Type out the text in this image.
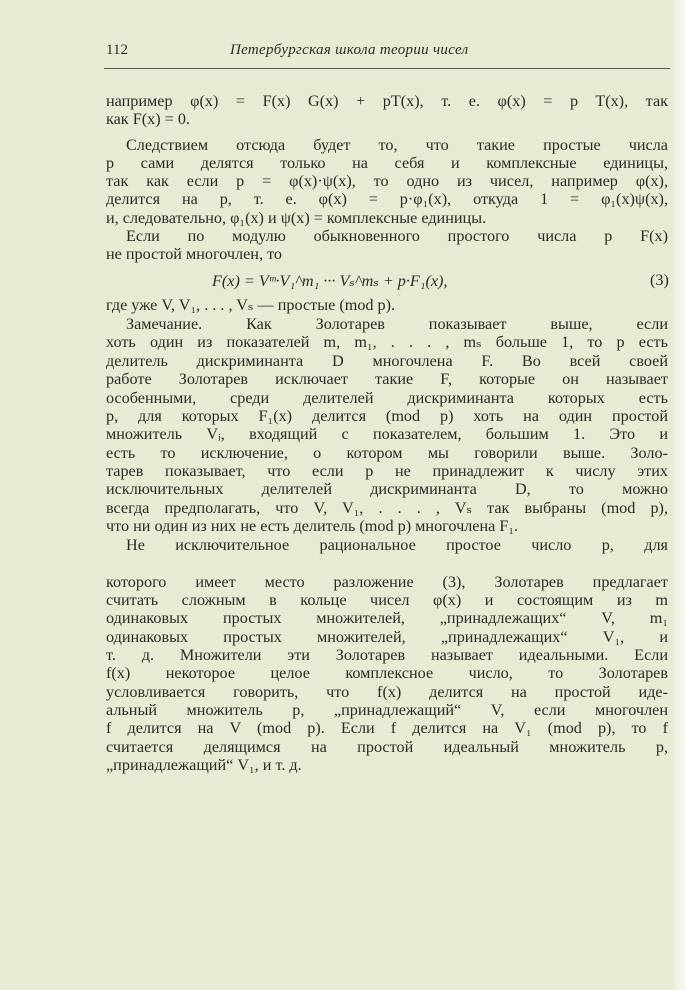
112	Петербургская школа теории чисел
например φ(x) = F(x) G(x) + pT(x), т. е. φ(x) = p T(x), так
как F(x) = 0.
Следствием отсюда будет то, что такие простые числа
p сами делятся только на себя и комплексные единицы,
так как если p = φ(x)·ψ(x), то одно из чисел, например φ(x),
делится на p, т. е. φ(x) = p·φ₁(x), откуда 1 = φ₁(x)ψ(x),
и, следовательно, φ₁(x) и ψ(x) = комплексные единицы.
Если по модулю обыкновенного простого числа p F(x)
не простой многочлен, то
где уже V, V₁, . . . , Vₛ — простые (mod p).
Замечание. Как Золотарев показывает выше, если
хоть один из показателей m, m₁, . . . , mₛ больше 1, то p есть
делитель дискриминанта D многочлена F. Во всей своей
работе Золотарев исключает такие F, которые он называет
особенными, среди делителей дискриминанта которых есть
p, для которых F₁(x) делится (mod p) хоть на один простой
множитель Vᵢ, входящий с показателем, большим 1. Это и
есть то исключение, о котором мы говорили выше. Золо-
тарев показывает, что если p не принадлежит к числу этих
исключительных делителей дискриминанта D, то можно
всегда предполагать, что V, V₁, . . . , Vₛ так выбраны (mod p),
что ни один из них не есть делитель (mod p) многочлена F₁.
Не исключительное рациональное простое число p, для
которого имеет место разложение (3), Золотарев предлагает
считать сложным в кольце чисел φ(x) и состоящим из m
одинаковых простых множителей, „принадлежащих“ V, m₁
одинаковых простых множителей, „принадлежащих“ V₁, и
т. д. Множители эти Золотарев называет идеальными. Если
f(x) некоторое целое комплексное число, то Золотарев
условливается говорить, что f(x) делится на простой иде-
альный множитель p, „принадлежащий“ V, если многочлен
f делится на V (mod p). Если f делится на V₁ (mod p), то f
считается делящимся на простой идеальный множитель p,
„принадлежащий“ V₁, и т. д.
F(x) = Vᵐ·V₁^m₁ ··· Vₛ^mₛ + p·F₁(x),	(3)
